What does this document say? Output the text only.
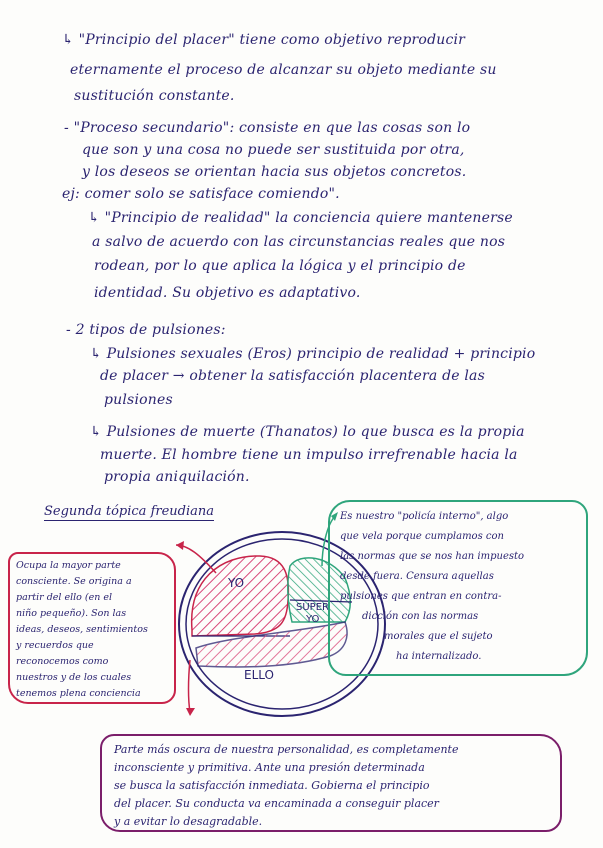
↳ "Principio del placer" tiene como objetivo reproducir
eternamente el proceso de alcanzar su objeto mediante su
sustitución constante.
- "Proceso secundario": consiste en que las cosas son lo
que son y una cosa no puede ser sustituida por otra,
y los deseos se orientan hacia sus objetos concretos.
ej: comer solo se satisface comiendo".
↳ "Principio de realidad" la conciencia quiere mantenerse
a salvo de acuerdo con las circunstancias reales que nos
rodean, por lo que aplica la lógica y el principio de
identidad. Su objetivo es adaptativo.
- 2 tipos de pulsiones:
↳ Pulsiones sexuales (Eros) principio de realidad + principio
de placer → obtener la satisfacción placentera de las
pulsiones
↳ Pulsiones de muerte (Thanatos) lo que busca es la propia
muerte. El hombre tiene un impulso irrefrenable hacia la
propia aniquilación.
Segunda tópica freudiana
YO
SUPER
YO
ELLO
Ocupa la mayor parte
consciente. Se origina a
partir del ello (en el
niño pequeño). Son las
ideas, deseos, sentimientos
y recuerdos que
reconocemos como
nuestros y de los cuales
tenemos plena conciencia
Es nuestro "policía interno", algo
que vela porque cumplamos con
las normas que se nos han impuesto
desde fuera. Censura aquellas
pulsiones que entran en contra-
dicción con las normas
morales que el sujeto
ha internalizado.
Parte más oscura de nuestra personalidad, es completamente
inconsciente y primitiva. Ante una presión determinada
se busca la satisfacción inmediata. Gobierna el principio
del placer. Su conducta va encaminada a conseguir placer
y a evitar lo desagradable.
